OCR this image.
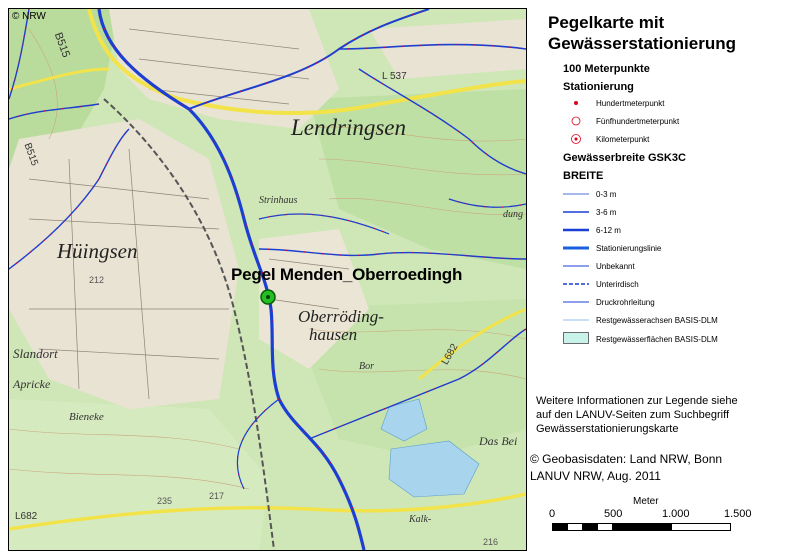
© NRW
Lendringsen
Hüingsen
Oberröding-
hausen
Strinhaus
Slandort
Apricke
Bieneke
Das Bei
Kalk-
Bor
dung
B515
B515
L 537
L682
L682
212
217
235
216
Pegel Menden_Oberroedingh
Pegelkarte mit
Gewässerstationierung
100 Meterpunkte
Stationierung
Hundertmeterpunkt
Fünfhundertmeterpunkt
Kilometerpunkt
Gewässerbreite GSK3C
BREITE
0-3 m
3-6 m
6-12 m
Stationierungslinie
Unbekannt
Unterirdisch
Druckrohrleitung
Restgewässerachsen BASIS-DLM
Restgewässerflächen BASIS-DLM
Weitere Informationen zur Legende siehe
auf den LANUV-Seiten zum Suchbegriff
Gewässerstationierungskarte
© Geobasisdaten: Land NRW, Bonn
LANUV NRW, Aug. 2011
Meter
0	500	1.000	1.500
